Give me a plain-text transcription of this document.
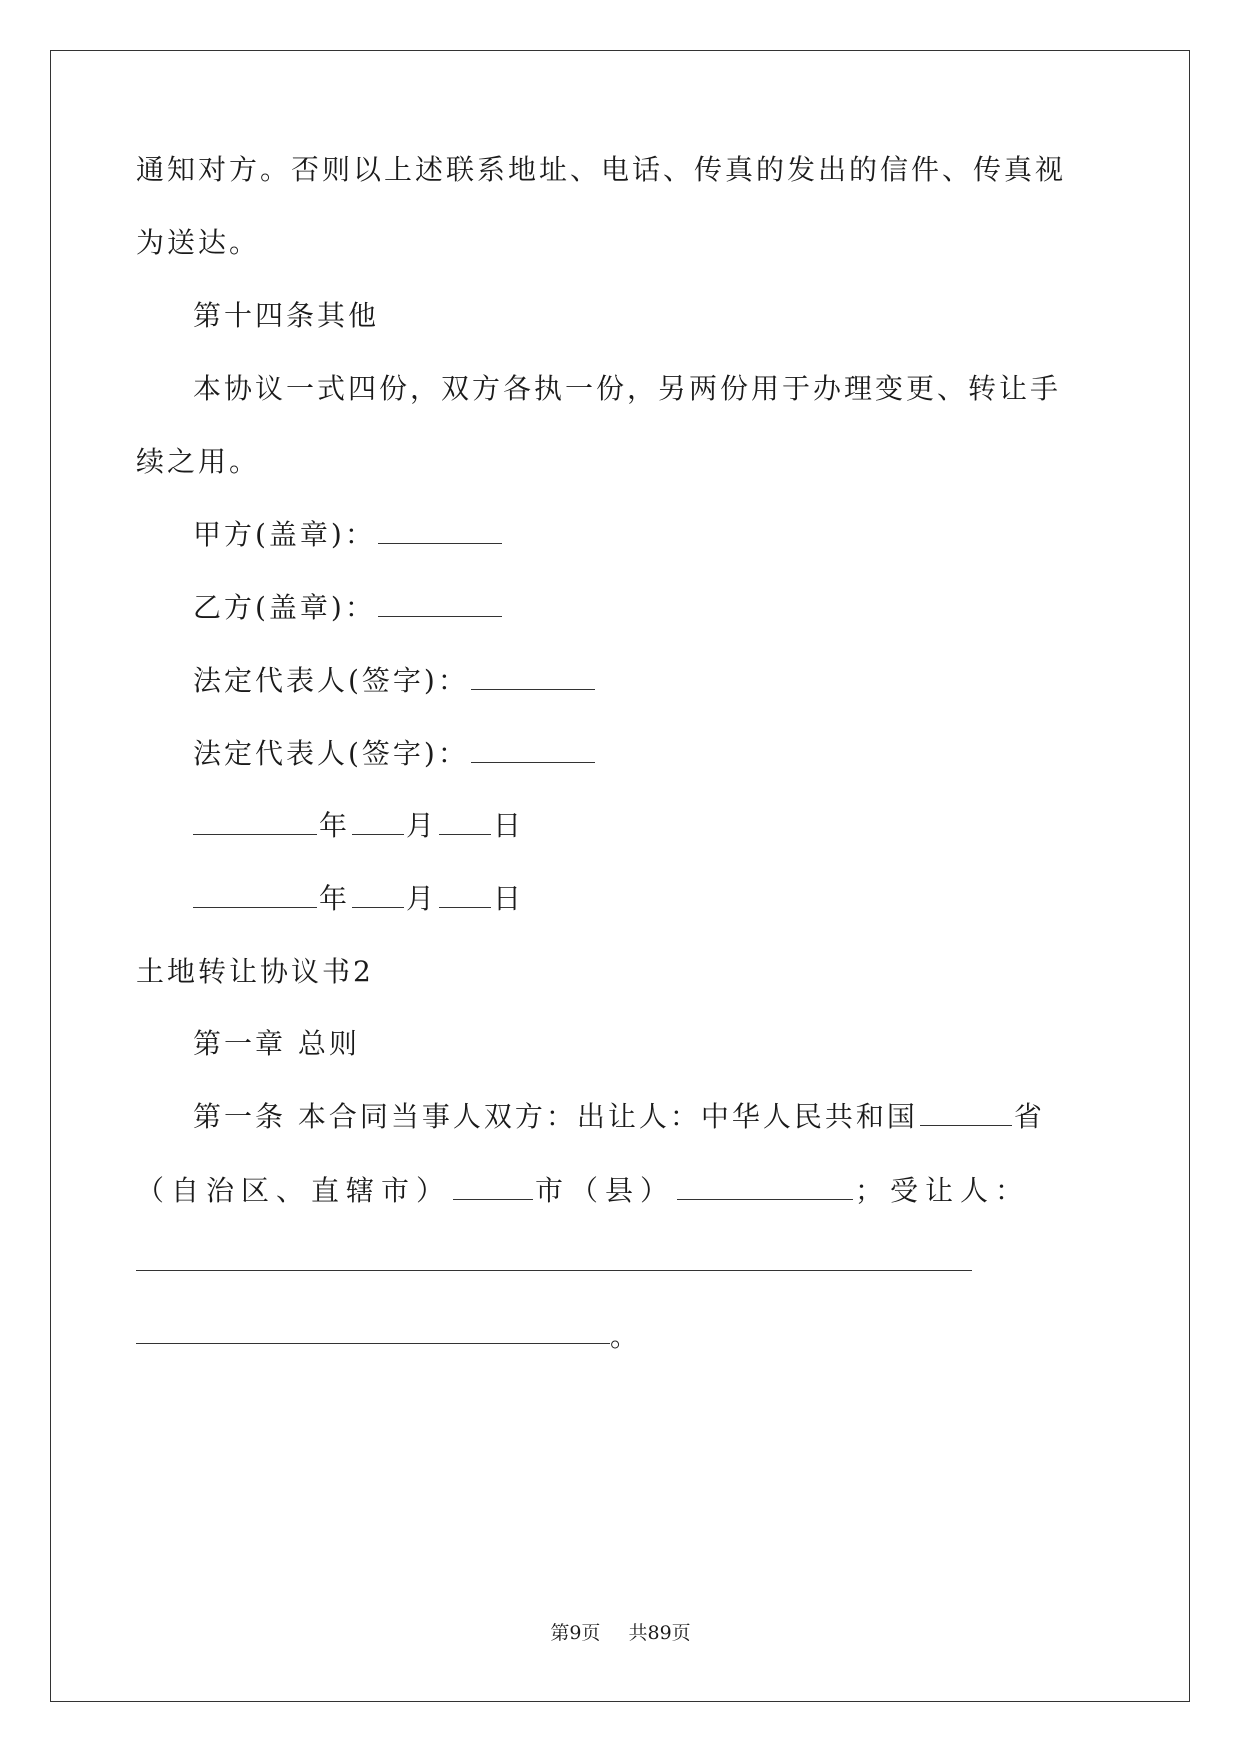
通知对方。否则以上述联系地址、电话、传真的发出的信件、传真视
为送达。
第十四条其他
本协议一式四份，双方各执一份，另两份用于办理变更、转让手
续之用。
甲方(盖章)：
乙方(盖章)：
法定代表人(签字)：
法定代表人(签字)：
年 月 日
年 月 日
土地转让协议书2
第一章 总则
第一条 本合同当事人双方：出让人：中华人民共和国	省
（自治区、直辖市）	市（县）	；受让人：
。
第9页 共89页
